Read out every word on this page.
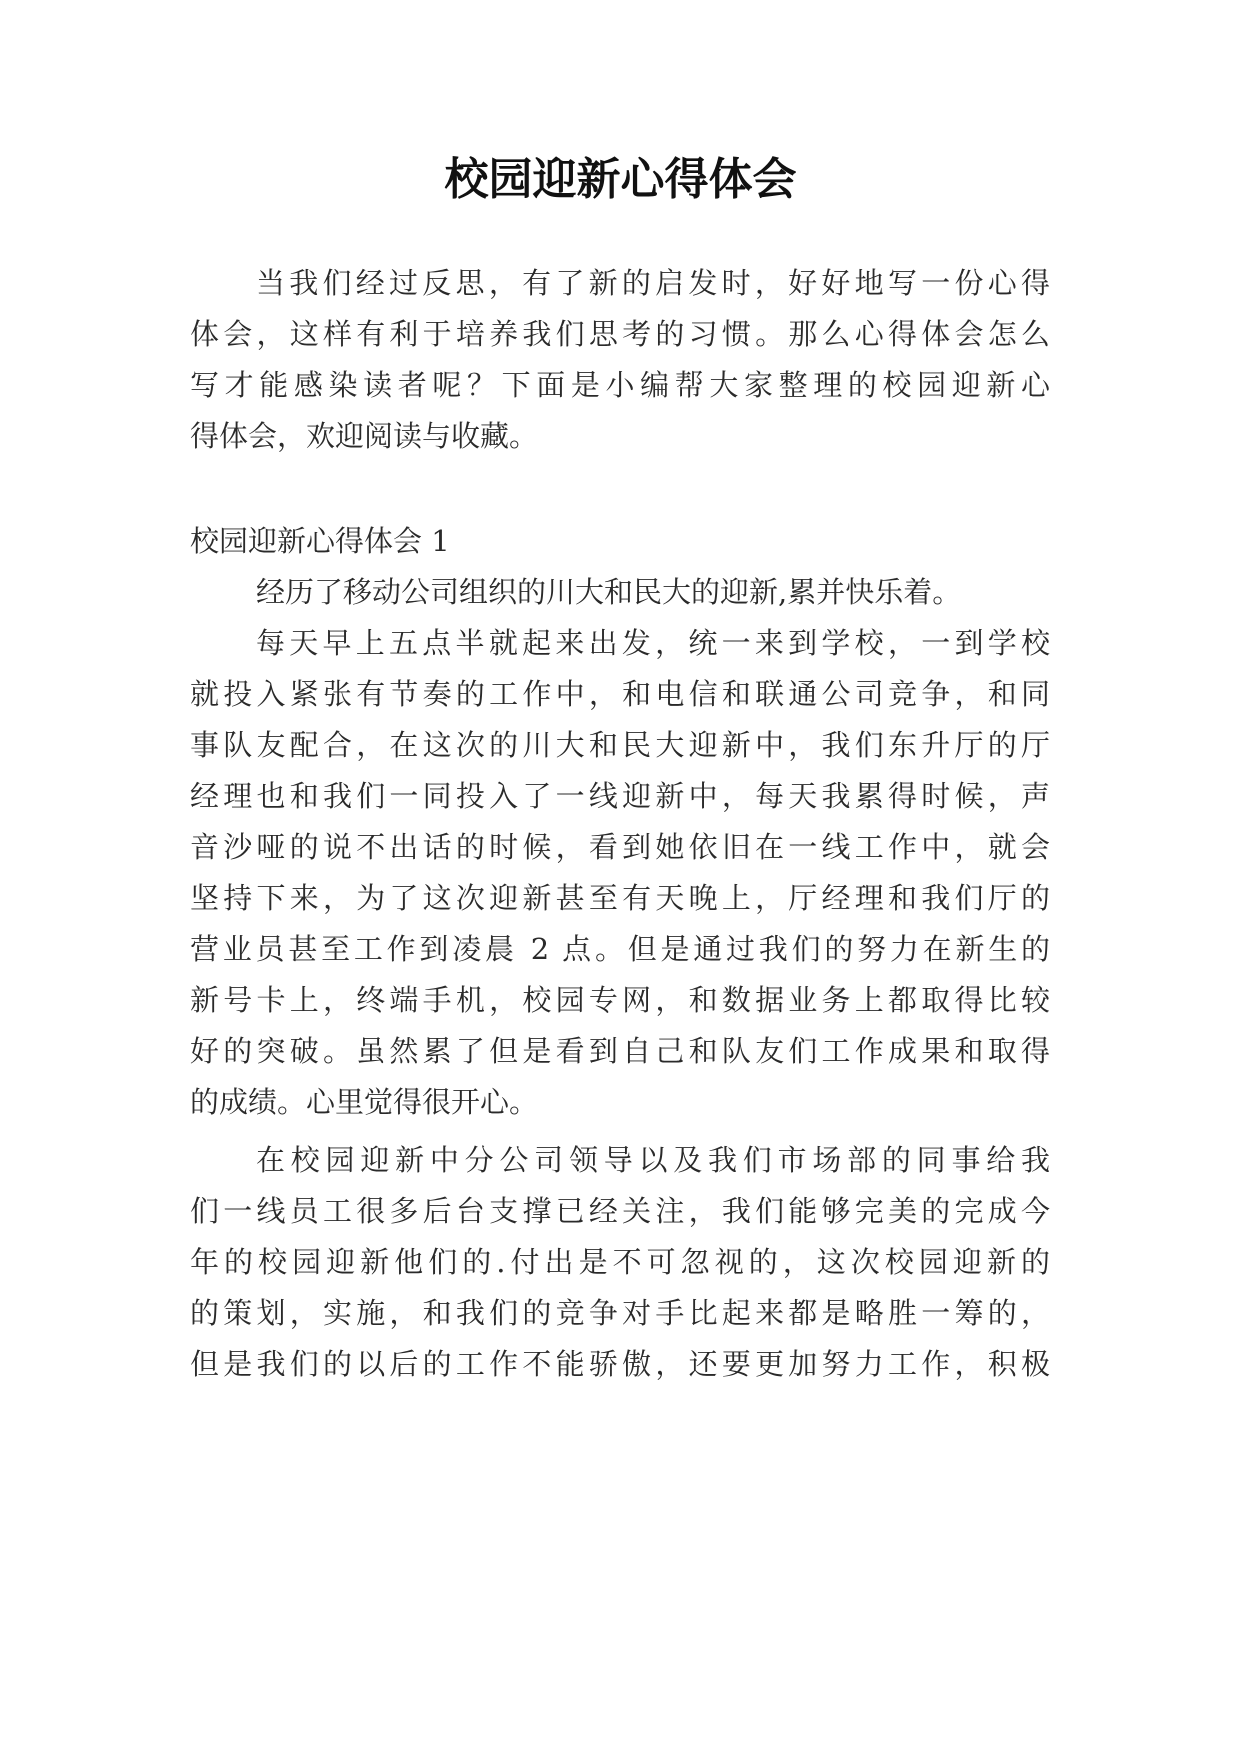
校园迎新心得体会
当我们经过反思，有了新的启发时，好好地写一份心得
体会，这样有利于培养我们思考的习惯。那么心得体会怎么
写才能感染读者呢？下面是小编帮大家整理的校园迎新心
得体会，欢迎阅读与收藏。
校园迎新心得体会 1
经历了移动公司组织的川大和民大的迎新,累并快乐着。
每天早上五点半就起来出发，统一来到学校，一到学校
就投入紧张有节奏的工作中，和电信和联通公司竞争，和同
事队友配合，在这次的川大和民大迎新中，我们东升厅的厅
经理也和我们一同投入了一线迎新中，每天我累得时候，声
音沙哑的说不出话的时候，看到她依旧在一线工作中，就会
坚持下来，为了这次迎新甚至有天晚上，厅经理和我们厅的
营业员甚至工作到凌晨 2 点。但是通过我们的努力在新生的
新号卡上，终端手机，校园专网，和数据业务上都取得比较
好的突破。虽然累了但是看到自己和队友们工作成果和取得
的成绩。心里觉得很开心。
在校园迎新中分公司领导以及我们市场部的同事给我
们一线员工很多后台支撑已经关注，我们能够完美的完成今
年的校园迎新他们的.付出是不可忽视的，这次校园迎新的
的策划，实施，和我们的竞争对手比起来都是略胜一筹的，
但是我们的以后的工作不能骄傲，还要更加努力工作，积极
